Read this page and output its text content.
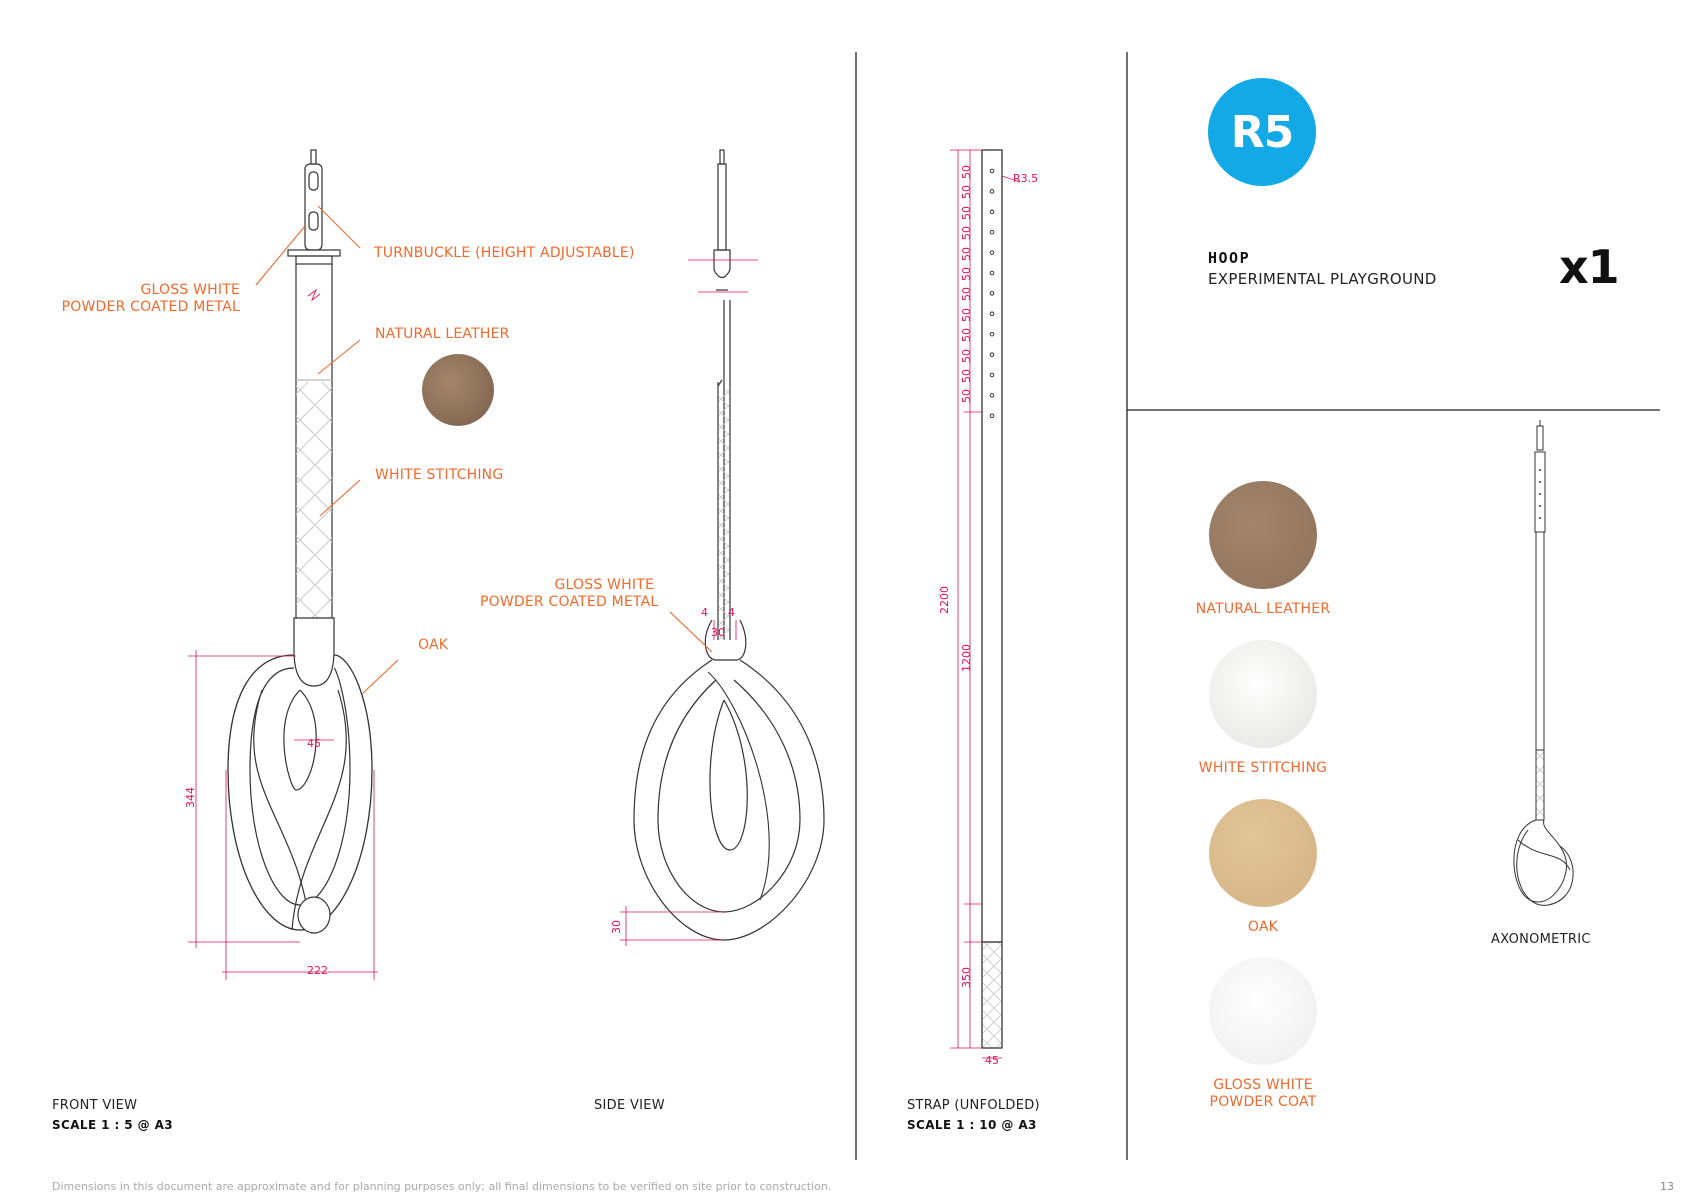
GLOSS WHITE
POWDER COATED METAL
TURNBUCKLE (HEIGHT ADJUSTABLE)
NATURAL LEATHER
WHITE STITCHING
OAK
GLOSS WHITE
POWDER COATED METAL
222
344
45
4 4
30
30
R3.5
2200
1200
350
45
50
50
50
50
50
50
50
50
50
50
50
50
FRONT VIEW
SCALE 1 : 5 @ A3
SIDE VIEW	STRAP (UNFOLDED)
SCALE 1 : 10 @ A3
AXONOMETRIC
R5
HOOP
EXPERIMENTAL PLAYGROUND	x1
NATURAL LEATHER
WHITE STITCHING
OAK
GLOSS WHITE
POWDER COAT
Dimensions in this document are approximate and for planning purposes only; all final dimensions to be verified on site prior to construction.	13
